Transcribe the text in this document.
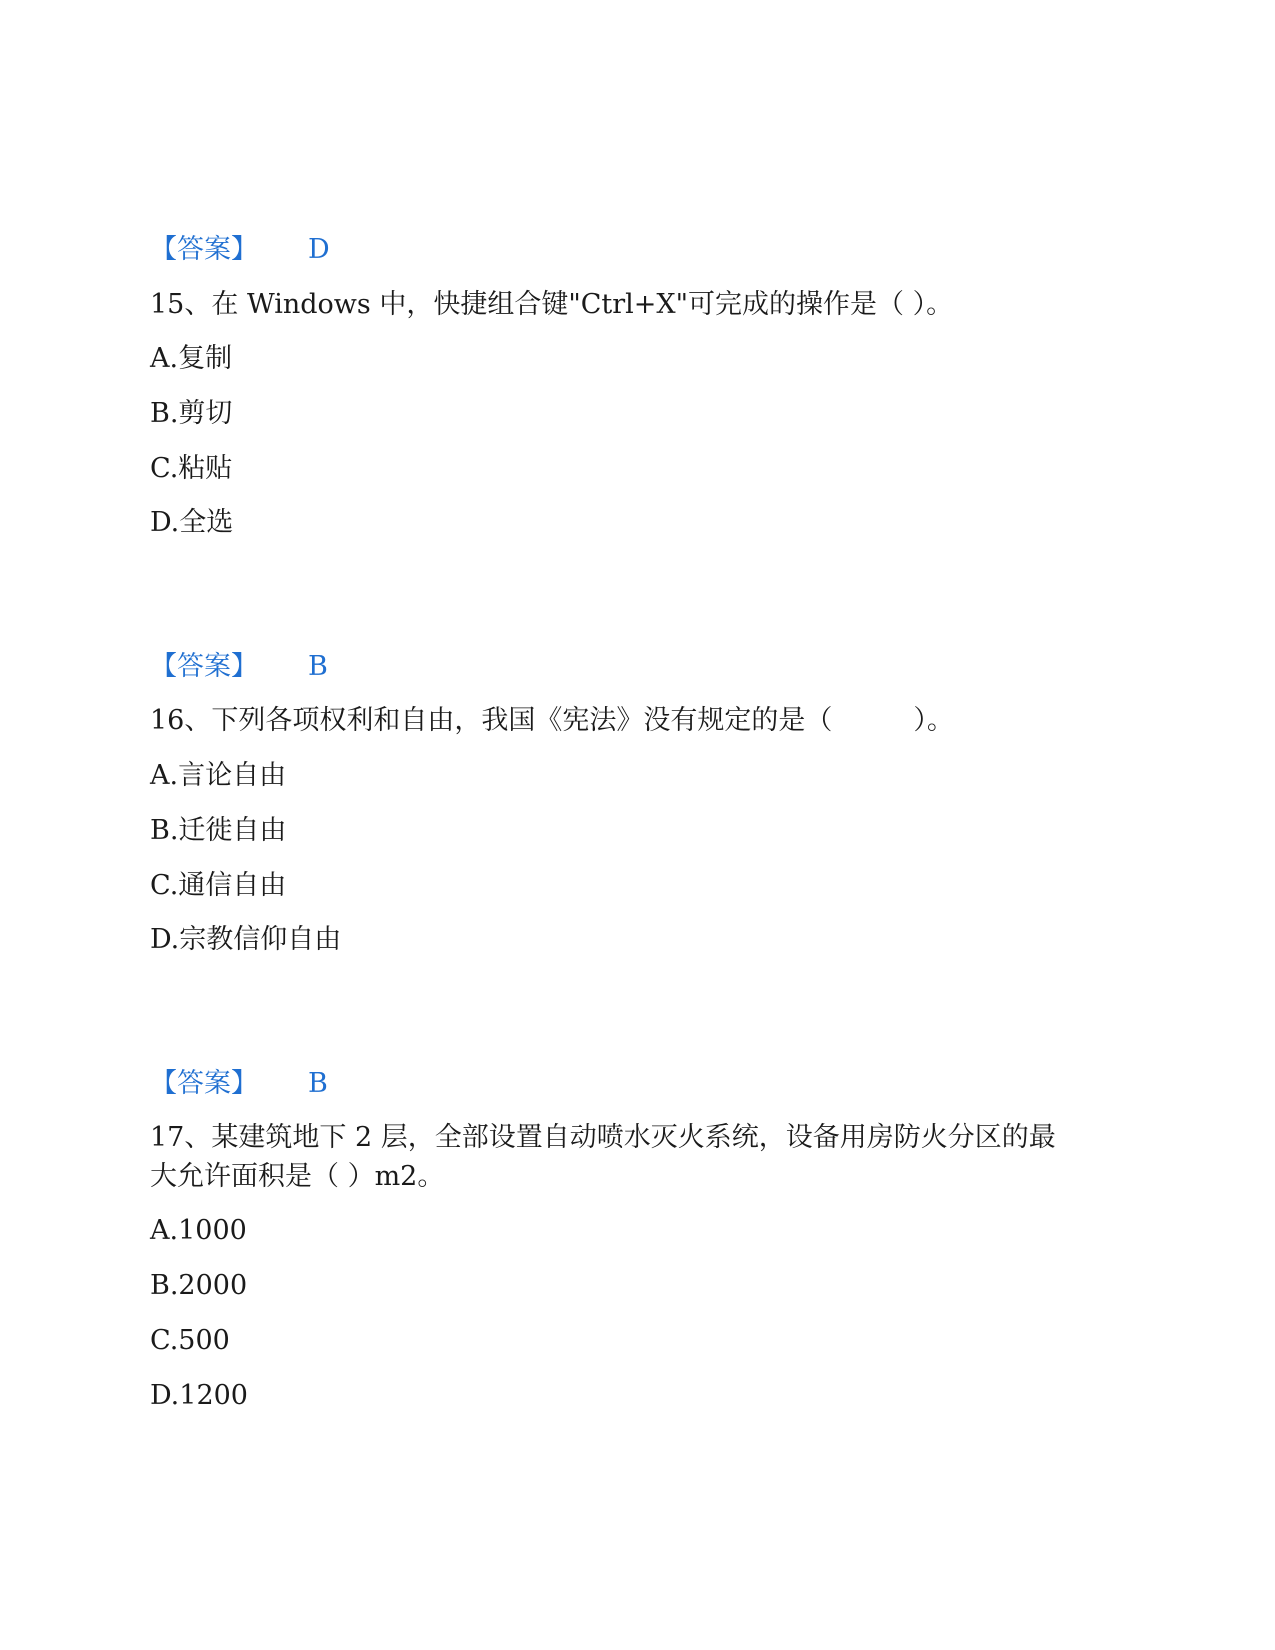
【答案】 D
15、在 Windows 中，快捷组合键"Ctrl+X"可完成的操作是（ ）。
A.复制
B.剪切
C.粘贴
D.全选
【答案】 B
16、下列各项权利和自由，我国《宪法》没有规定的是（　　　）。
A.言论自由
B.迁徙自由
C.通信自由
D.宗教信仰自由
【答案】 B
17、某建筑地下 2 层，全部设置自动喷水灭火系统，设备用房防火分区的最
大允许面积是（ ）m2。
A.1000
B.2000
C.500
D.1200
